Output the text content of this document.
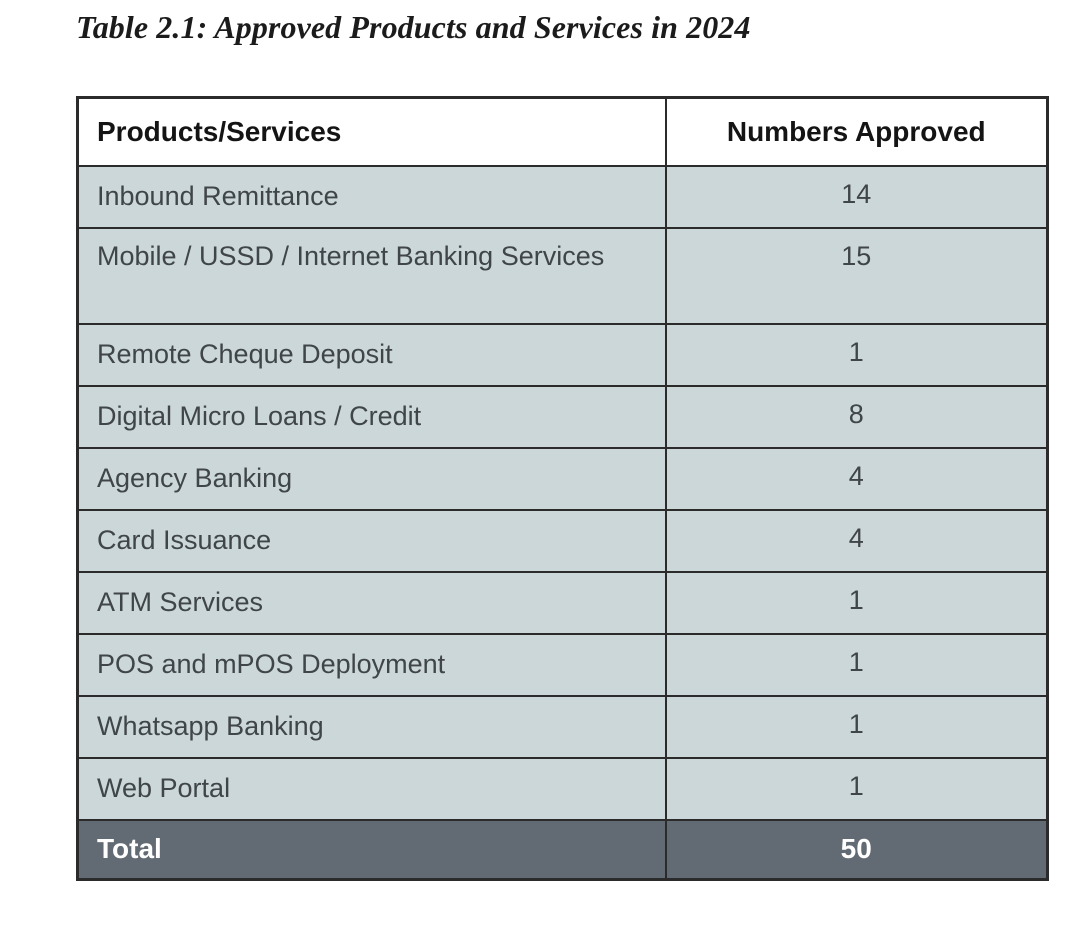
Table 2.1: Approved Products and Services in 2024
Products/Services	Numbers Approved
Inbound Remittance	14
Mobile / USSD / Internet Banking Services	15
Remote Cheque Deposit	1
Digital Micro Loans / Credit	8
Agency Banking	4
Card Issuance	4
ATM Services	1
POS and mPOS Deployment	1
Whatsapp Banking	1
Web Portal	1
Total	50
